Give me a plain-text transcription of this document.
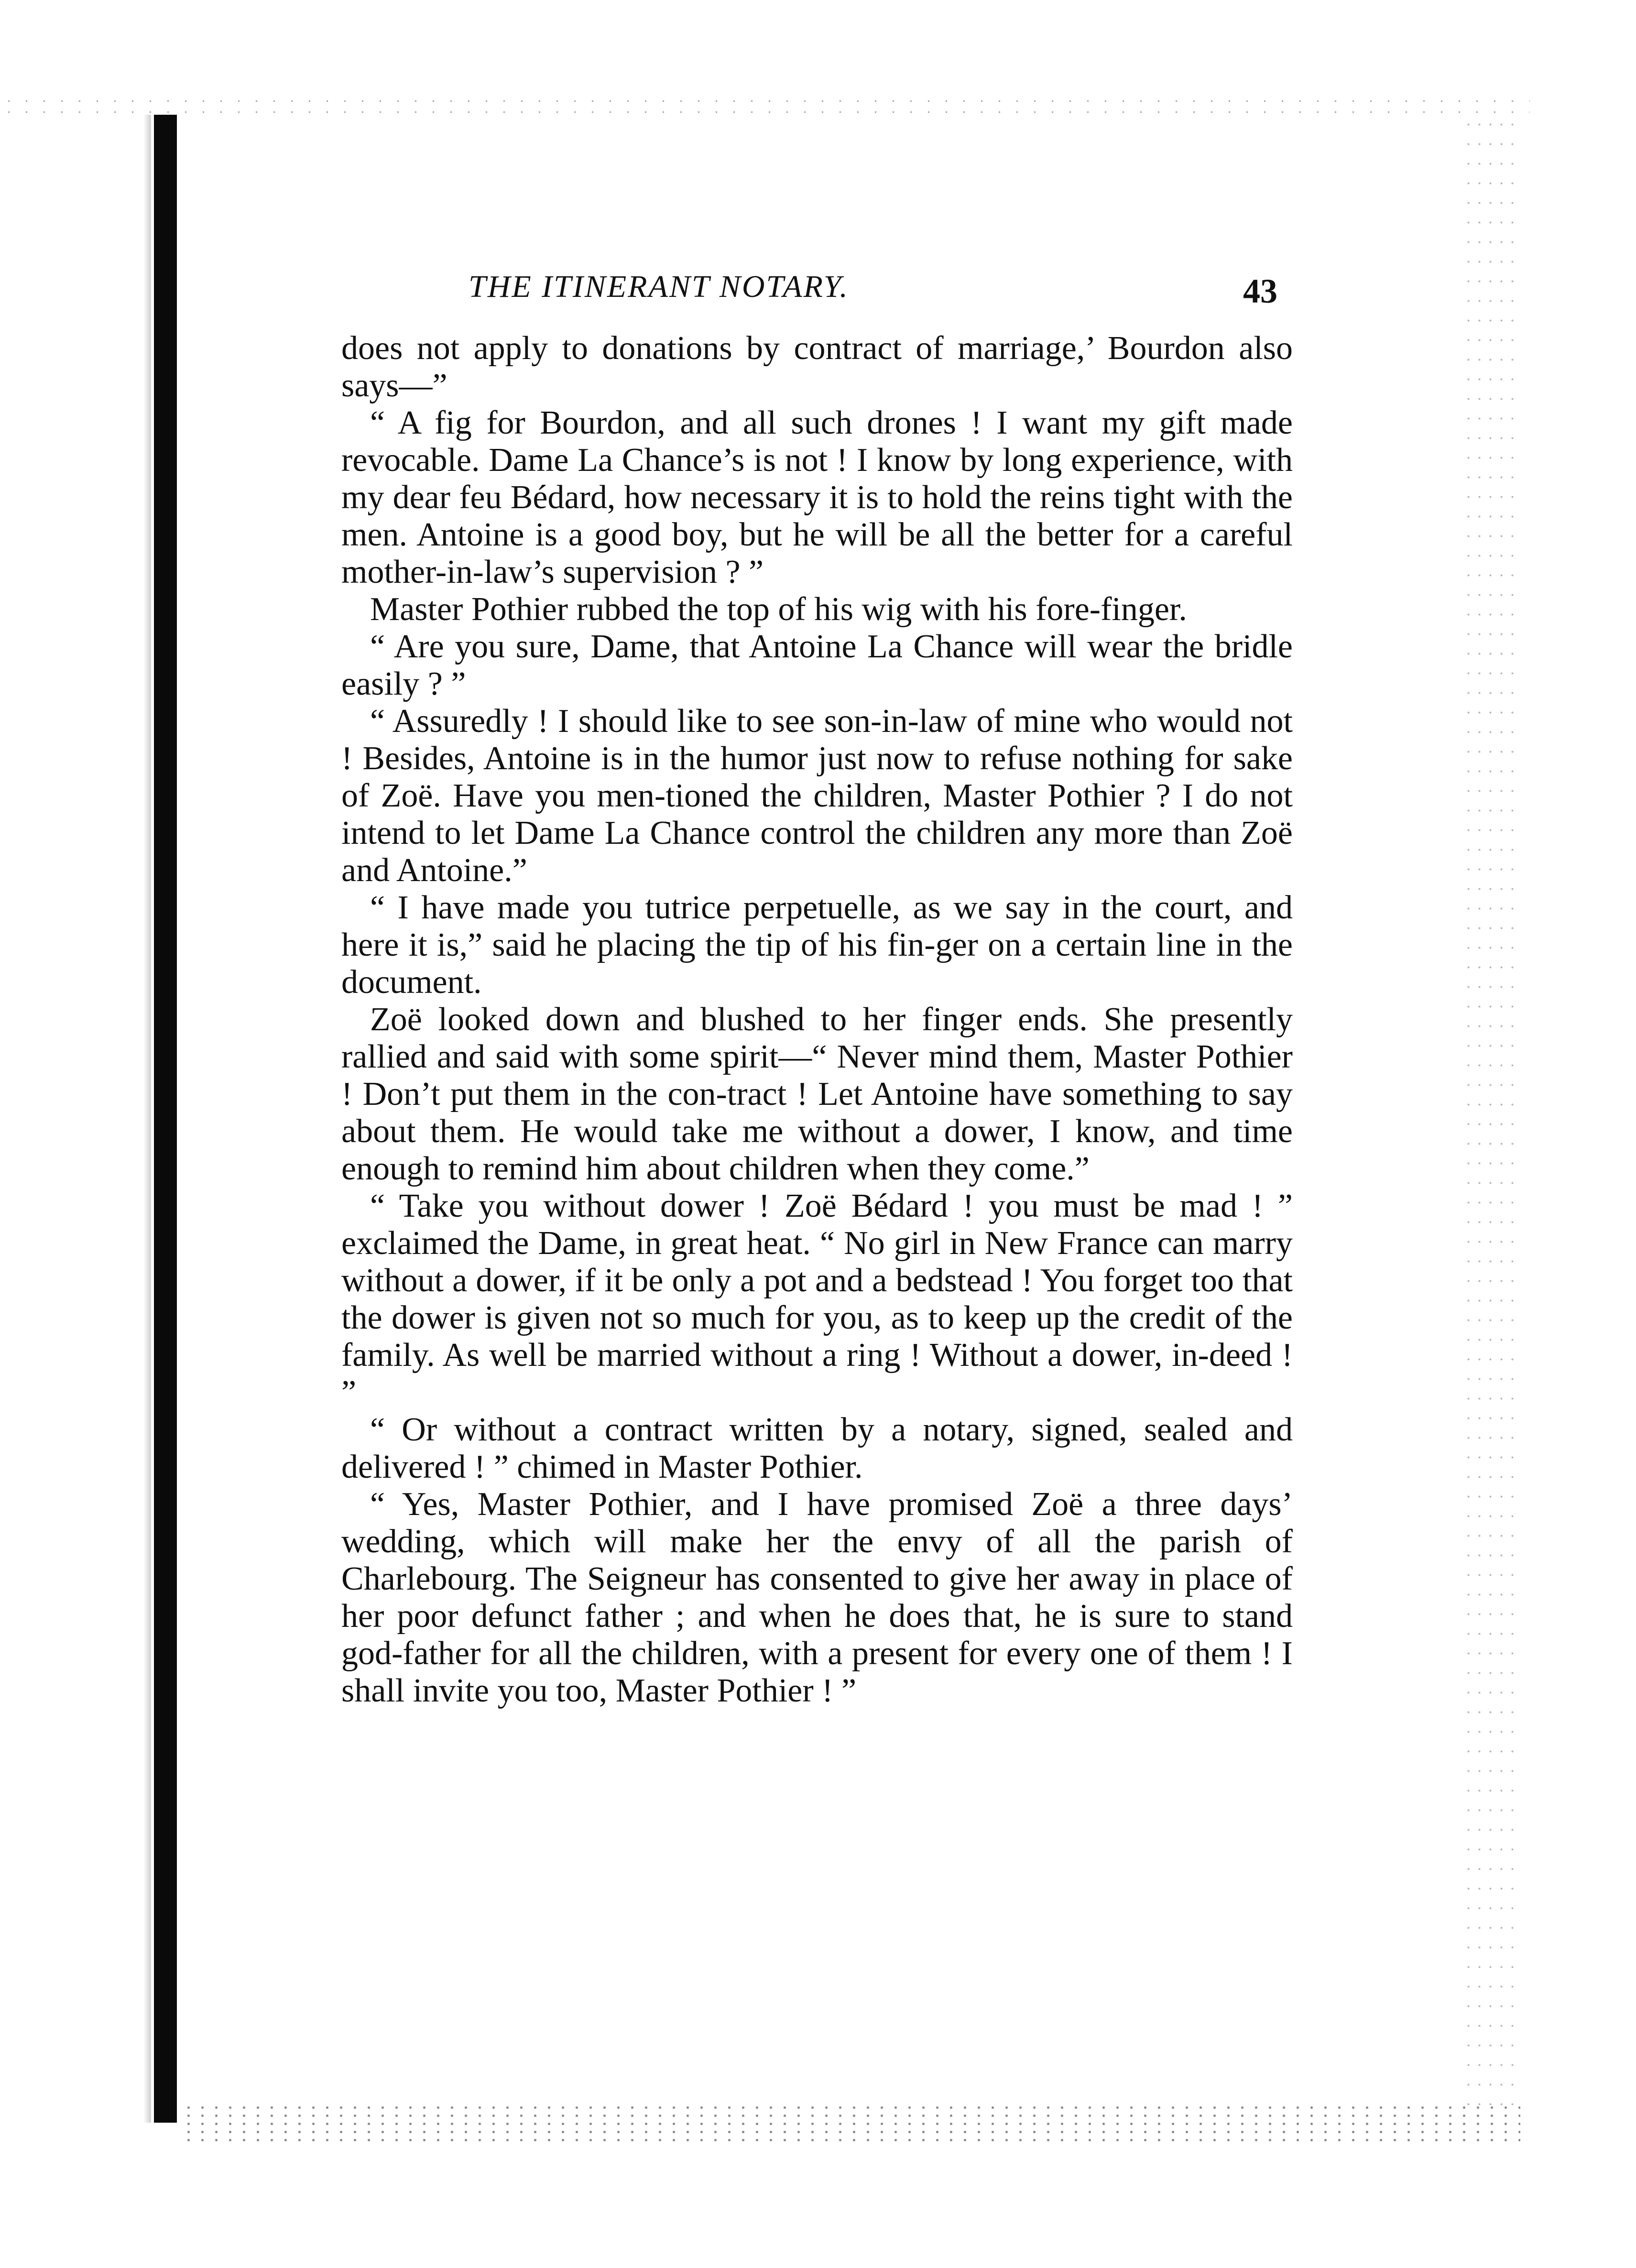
THE ITINERANT NOTARY.	43

does not apply to donations by contract of marriage,’ Bourdon also says—”

“ A fig for Bourdon, and all such drones ! I want my gift made revocable. Dame La Chance’s is not ! I know by long experience, with my dear feu Bédard, how necessary it is to hold the reins tight with the men. Antoine is a good boy, but he will be all the better for a careful mother-in-law’s supervision ? ”

Master Pothier rubbed the top of his wig with his fore-finger.

“ Are you sure, Dame, that Antoine La Chance will wear the bridle easily ? ”

“ Assuredly ! I should like to see son-in-law of mine who would not ! Besides, Antoine is in the humor just now to refuse nothing for sake of Zoë. Have you men-tioned the children, Master Pothier ? I do not intend to let Dame La Chance control the children any more than Zoë and Antoine.”

“ I have made you tutrice perpetuelle, as we say in the court, and here it is,” said he placing the tip of his fin-ger on a certain line in the document.

Zoë looked down and blushed to her finger ends. She presently rallied and said with some spirit—“ Never mind them, Master Pothier ! Don’t put them in the con-tract ! Let Antoine have something to say about them. He would take me without a dower, I know, and time enough to remind him about children when they come.”

“ Take you without dower ! Zoë Bédard ! you must be mad ! ” exclaimed the Dame, in great heat. “ No girl in New France can marry without a dower, if it be only a pot and a bedstead ! You forget too that the dower is given not so much for you, as to keep up the credit of the family. As well be married without a ring ! Without a dower, in-deed ! ”

“ Or without a contract written by a notary, signed, sealed and delivered ! ” chimed in Master Pothier.

“ Yes, Master Pothier, and I have promised Zoë a three days’ wedding, which will make her the envy of all the parish of Charlebourg. The Seigneur has consented to give her away in place of her poor defunct father ; and when he does that, he is sure to stand god-father for all the children, with a present for every one of them ! I shall invite you too, Master Pothier ! ”
